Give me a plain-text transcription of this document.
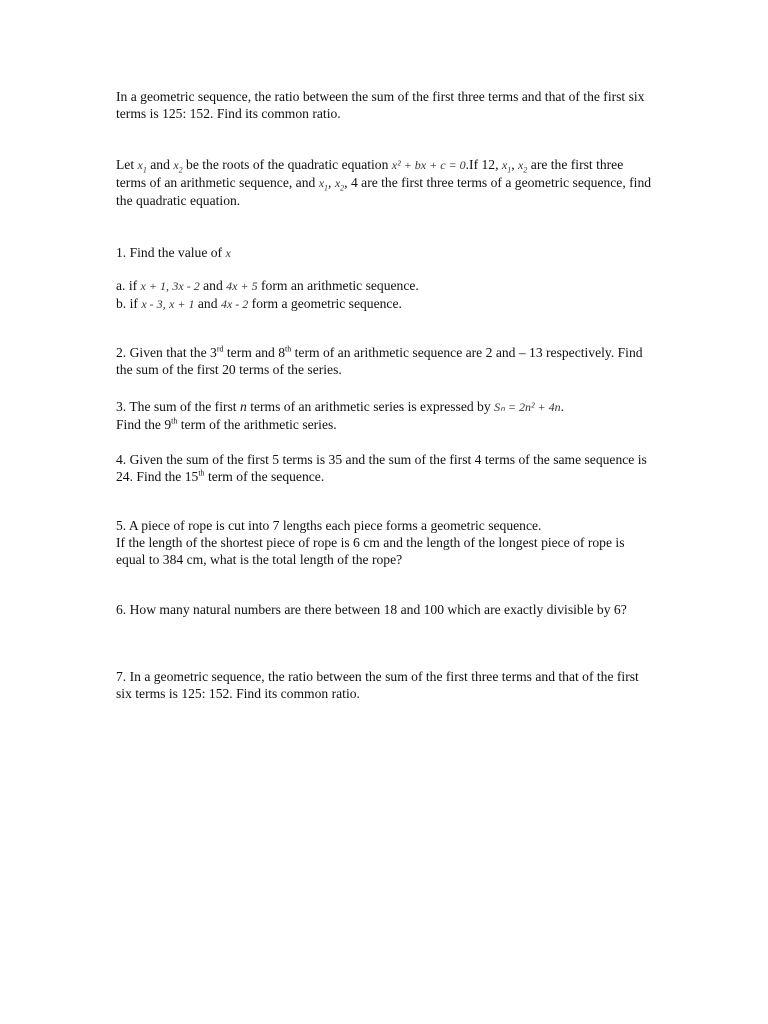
In a geometric sequence, the ratio between the sum of the first three terms and that of the first six terms is 125: 152. Find its common ratio.
Let $x_1$ and $x_2$ be the roots of the quadratic equation x² + bx + c = 0.If 12, $x_1$, $x_2$ are the first three terms of an arithmetic sequence, and $x_1$, $x_2$, 4 are the first three terms of a geometric sequence, find the quadratic equation.
1. Find the value of x
a. if x + 1, 3x - 2 and 4x + 5 form an arithmetic sequence.
b. if x - 3, x + 1 and 4x - 2 form a geometric sequence.
2. Given that the 3rd term and 8th term of an arithmetic sequence are 2 and – 13 respectively. Find the sum of the first 20 terms of the series.
3. The sum of the first n terms of an arithmetic series is expressed by Sₙ = 2n² + 4n.
Find the 9th term of the arithmetic series.
4. Given the sum of the first 5 terms is 35 and the sum of the first 4 terms of the same sequence is 24. Find the 15th term of the sequence.
5. A piece of rope is cut into 7 lengths each piece forms a geometric sequence.
If the length of the shortest piece of rope is 6 cm and the length of the longest piece of rope is equal to 384 cm, what is the total length of the rope?
6. How many natural numbers are there between 18 and 100 which are exactly divisible by 6?
7. In a geometric sequence, the ratio between the sum of the first three terms and that of the first six terms is 125: 152. Find its common ratio.
